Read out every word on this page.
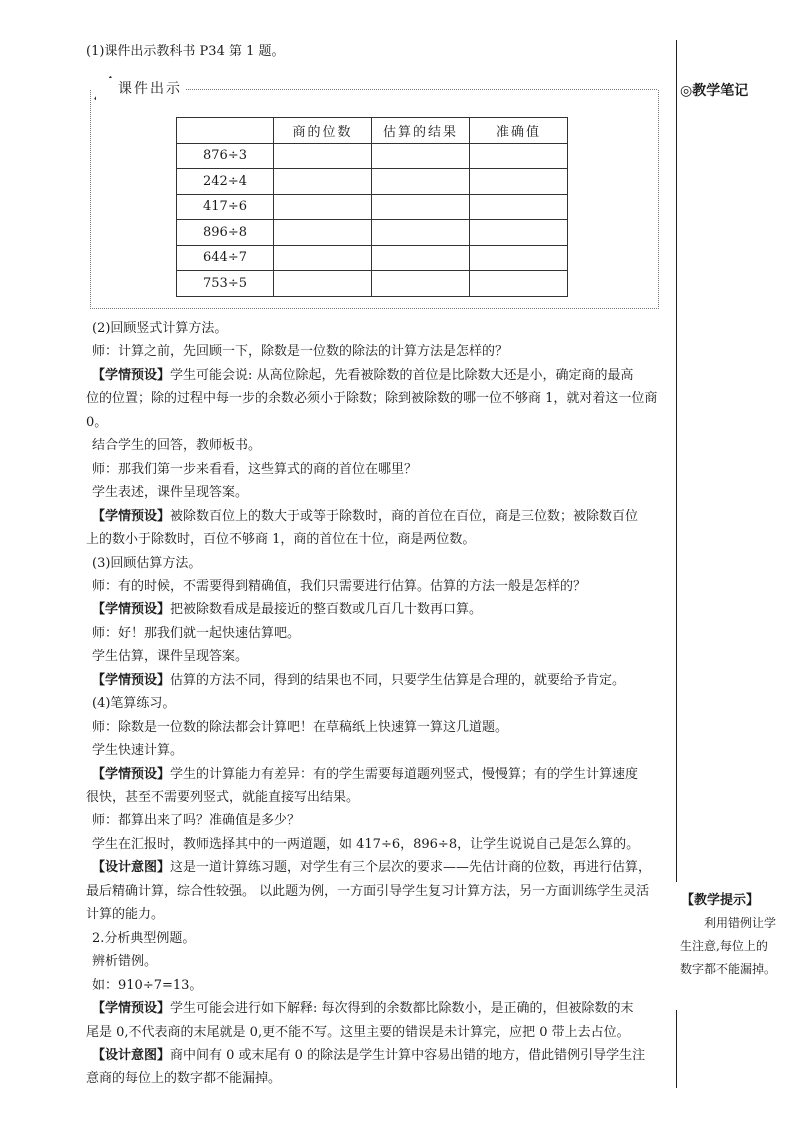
(1)课件出示教科书 P34 第 1 题。
课件出示
	商的位数	估算的结果	准确值
876÷3			
242÷4			
417÷6			
896÷8			
644÷7			
753÷5			
(2)回顾竖式计算方法。
师：计算之前，先回顾一下，除数是一位数的除法的计算方法是怎样的？
【学情预设】学生可能会说: 从高位除起，先看被除数的首位是比除数大还是小，确定商的最高
位的位置；除的过程中每一步的余数必须小于除数；除到被除数的哪一位不够商 1，就对着这一位商
0。
结合学生的回答，教师板书。
师：那我们第一步来看看，这些算式的商的首位在哪里？
学生表述，课件呈现答案。
【学情预设】被除数百位上的数大于或等于除数时，商的首位在百位，商是三位数；被除数百位
上的数小于除数时，百位不够商 1，商的首位在十位，商是两位数。
(3)回顾估算方法。
师：有的时候，不需要得到精确值，我们只需要进行估算。估算的方法一般是怎样的？
【学情预设】把被除数看成是最接近的整百数或几百几十数再口算。
师：好！那我们就一起快速估算吧。
学生估算，课件呈现答案。
【学情预设】估算的方法不同，得到的结果也不同，只要学生估算是合理的，就要给予肯定。
(4)笔算练习。
师：除数是一位数的除法都会计算吧！在草稿纸上快速算一算这几道题。
学生快速计算。
【学情预设】学生的计算能力有差异：有的学生需要每道题列竖式，慢慢算；有的学生计算速度
很快，甚至不需要列竖式，就能直接写出结果。
师：都算出来了吗？准确值是多少？
学生在汇报时，教师选择其中的一两道题，如 417÷6，896÷8，让学生说说自己是怎么算的。
【设计意图】这是一道计算练习题，对学生有三个层次的要求——先估计商的位数，再进行估算，
最后精确计算，综合性较强。 以此题为例，一方面引导学生复习计算方法，另一方面训练学生灵活
计算的能力。
2.分析典型例题。
辨析错例。
如：910÷7=13。
【学情预设】学生可能会进行如下解释: 每次得到的余数都比除数小，是正确的，但被除数的末
尾是 0,不代表商的末尾就是 0,更不能不写。这里主要的错误是未计算完，应把 0 带上去占位。
【设计意图】商中间有 0 或末尾有 0 的除法是学生计算中容易出错的地方，借此错例引导学生注
意商的每位上的数字都不能漏掉。
◎教学笔记
【教学提示】
利用错例让学生注意,每位上的数字都不能漏掉。
